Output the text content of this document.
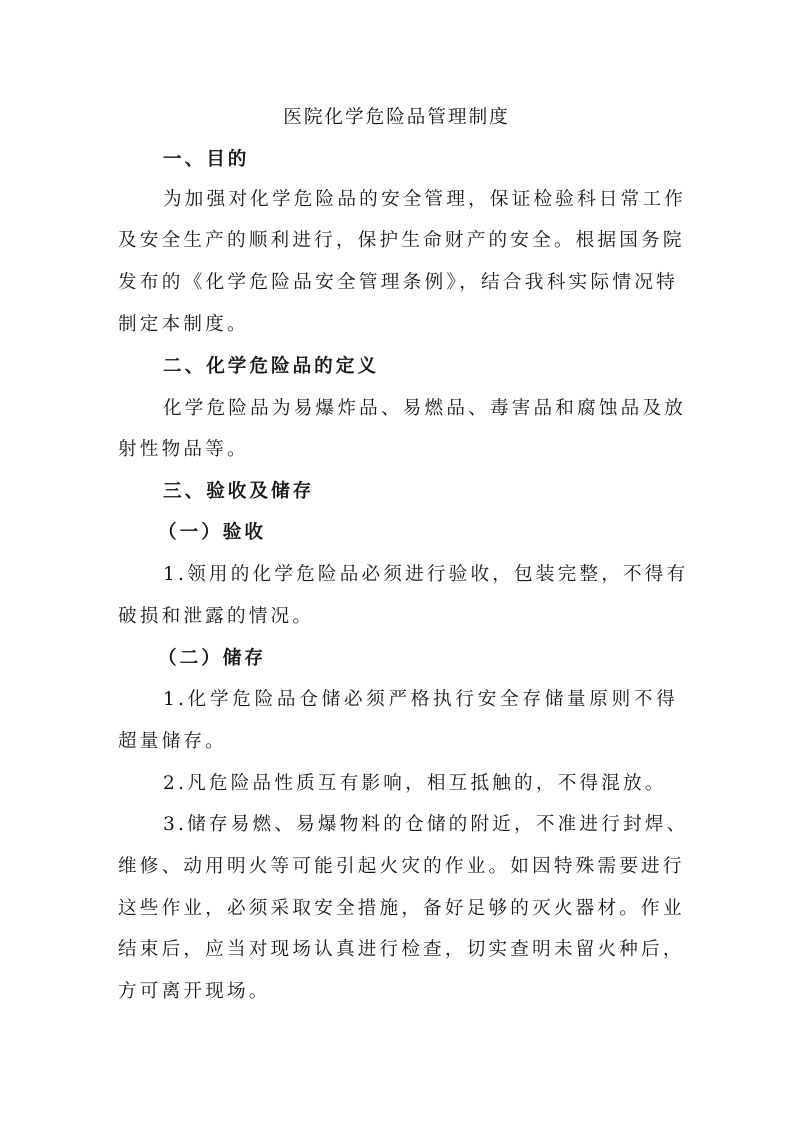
医院化学危险品管理制度
一、目的
为加强对化学危险品的安全管理，保证检验科日常工作
及安全生产的顺利进行，保护生命财产的安全。根据国务院
发布的《化学危险品安全管理条例》，结合我科实际情况特
制定本制度。
二、化学危险品的定义
化学危险品为易爆炸品、易燃品、毒害品和腐蚀品及放
射性物品等。
三、验收及储存
（一）验收
1.领用的化学危险品必须进行验收，包装完整，不得有
破损和泄露的情况。
（二）储存
1.化学危险品仓储必须严格执行安全存储量原则不得
超量储存。
2.凡危险品性质互有影响，相互抵触的，不得混放。
3.储存易燃、易爆物料的仓储的附近，不准进行封焊、
维修、动用明火等可能引起火灾的作业。如因特殊需要进行
这些作业，必须采取安全措施，备好足够的灭火器材。作业
结束后，应当对现场认真进行检查，切实查明未留火种后，
方可离开现场。
